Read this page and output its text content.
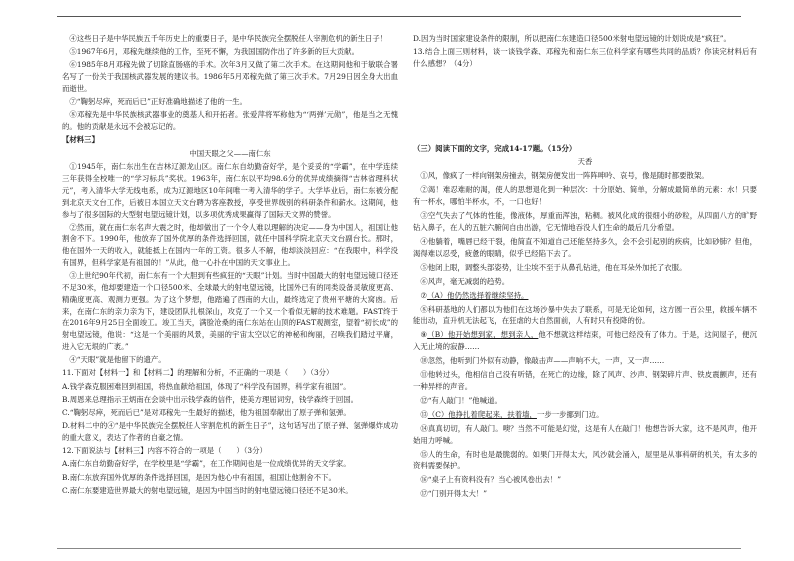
④这些日子是中华民族五千年历史上的重要日子，是中华民族完全摆脱任人宰割危机的新生日子！

⑤1967年6月，邓稼先继续他的工作，至死不懈，为我国国防作出了许多新的巨大贡献。

⑥1985年8月邓稼先做了切除直肠癌的手术。次年3月又做了第二次手术。在这期间他和于敏联合署名写了一份关于我国核武器发展的建议书。1986年5月邓稼先做了第三次手术。7月29日因全身大出血而逝世。

⑦“鞠躬尽瘁，死而后已”正好准确地描述了他的一生。

⑧邓稼先是中华民族核武器事业的奠基人和开拓者。张爱萍将军称他为“‘两弹’元勋”，他是当之无愧的。他的贡献是永远不会被忘记的。

【材料三】

中国天眼之父——南仁东

①1945年，南仁东出生在吉林辽源龙山区。南仁东自幼勤奋好学，是个妥妥的“学霸”，在中学连续三年获得全校唯一的“学习标兵”奖状。1963年，南仁东以平均98.6分的优异成绩摘得“吉林省理科状元”，考入清华大学无线电系，成为辽源地区10年间唯一考入清华的学子。大学毕业后，南仁东被分配到北京天文台工作，后被日本国立天文台聘为客座教授，享受世界级别的科研条件和薪水。这期间，他参与了很多国际的大型射电望远镜计划，以多项优秀成果赢得了国际天文界的赞誉。

②然而，就在南仁东名声大震之时，他却做出了一个令人难以理解的决定——身为中国人，祖国让他割舍不下。1990年，他放弃了国外优厚的条件选择回国，就任中国科学院北京天文台副台长。那时，他在国外一天的收入，就能抵上在国内一年的工资。很多人不解，他却淡淡回应：“在我眼中，科学没有国界，但科学家是有祖国的！”从此，他一心扑在中国的天文事业上。

③上世纪90年代初，南仁东有一个大胆到有些疯狂的“天眼”计划。当时中国最大的射电望远镜口径还不足30米，他却要建造一个口径500米、全球最大的射电望远镜，比国外已有的同类设备灵敏度更高、精确度更高、观测力更强。为了这个梦想，他踏遍了西南的大山，最终选定了贵州平塘的大窝凼。后来，在南仁东的亲力亲为下，建设团队扎根深山，攻克了一个又一个看似无解的技术难题。FAST终于在2016年9月25日全面竣工。竣工当天，满脸沧桑的南仁东站在山顶的FAST观测室，望着“初长成”的射电望远镜，他说：“这是一个美丽的风景，美丽的宇宙太空以它的神秘和绚丽，召唤我们踏过平庸，进入它无垠的广袤。”

④“天眼”就是他留下的遗产。

11.下面对【材料一】和【材料二】的理解和分析，不正确的一项是（　　）（3分）

A.钱学森克服困难回到祖国，将热血献给祖国，体现了“科学没有国界，科学家有祖国”。

B.周恩来总理指示王炳南在会谈中出示钱学森的信件，使美方理屈词穷，钱学森终于回国。

C.“鞠躬尽瘁，死而后已”是对邓稼先一生最好的描述，他为祖国奉献出了原子弹和氢弹。

D.材料二中的④“是中华民族完全摆脱任人宰割危机的新生日子”，这句话写出了原子弹、氢弹爆炸成功的重大意义，表达了作者的自豪之情。

12.下面说法与【材料三】内容不符合的一项是（　　）（3分）

A.南仁东自幼勤奋好学，在学校里是“学霸”，在工作期间也是一位成绩优异的天文学家。

B.南仁东放弃国外优厚的条件选择回国，是因为他心中有祖国，祖国让他割舍不下。

C.南仁东要建造世界最大的射电望远镜，是因为中国当时的射电望远镜口径还不足30米。

D.因为当时国家建设条件的限制，所以把南仁东建造口径500米射电望远镜的计划说成是“疯狂”。

13.结合上面三则材料，谈一谈钱学森、邓稼先和南仁东三位科学家有哪些共同的品质？你读完材料后有什么感想？（4分）

（三）阅读下面的文字，完成14-17题。（15分）

天香

①风，像疯了一样向钢架房撞去，钢架房便发出一阵阵呻吟、哀号，像是随时都要散架。

②渴！难忍难耐的渴，使人的思想退化到一种层次：十分原始、简单，分解成最简单的元素：水！只要有一杯水，哪怕半杯水，不，一口也好！

③空气失去了气体的性能，像液体，厚重而浑浊，粘稠。被风化成的很细小的砂粒，从四面八方的旷野钻入鼻子，在人的五脏六腑间自由出游，它无情地吞没人们生命的最后几分希望。

④他躺着，嘴唇已经干裂，他简直不知道自己还能坚持多久，会不会引起别的疾病，比如砂肺？但他，渴得难以忍受，疲惫的眼睛，似乎已经陷下去了。

⑤他闭上眼，调整头部姿势，让尘埃不至于从鼻孔钻进，他在耳朵外加托了衣服。

⑥风声，毫无减弱的趋势。

⑦（A）他仍然选择着继续坚持。

⑧科研基地的人们都以为他们在这场沙暴中失去了联系，可是无论如何，这方圆一百公里，救援车辆不能出动，直升机无法起飞，在狂虐的大自然面前，人有时只有投降的份。

⑨（B）他开始想到家，想到亲人，他不想就这样结束，可他已经没有了体力。于是，这间屋子，便沉入无止境的寂静……

⑩忽然，他听到门外似有动静，像敲击声——声响不大，一声，又一声……

⑪他转过头，他相信自己没有听错，在死亡的边缘，除了风声、沙声、钢架碎片声、铁皮震颤声，还有一种异样的声音。

⑫“有人敲门！”他喊道。

⑬（C）他挣扎着爬起来，扶着墙，一步一步挪到门边。

⑭真真切切，有人敲门。噢？当然不可能是幻觉，这是有人在敲门！他想告诉大家，这不是风声，他开始用力呼喊。

⑮人的生命，有时也是最脆弱的。如果门开得太大，风沙就会涌入，屋里是从事科研的机关，有太多的资料需要保护。

⑯“桌子上有资料没有？当心被风卷出去！”

⑰“门别开得太大！”
